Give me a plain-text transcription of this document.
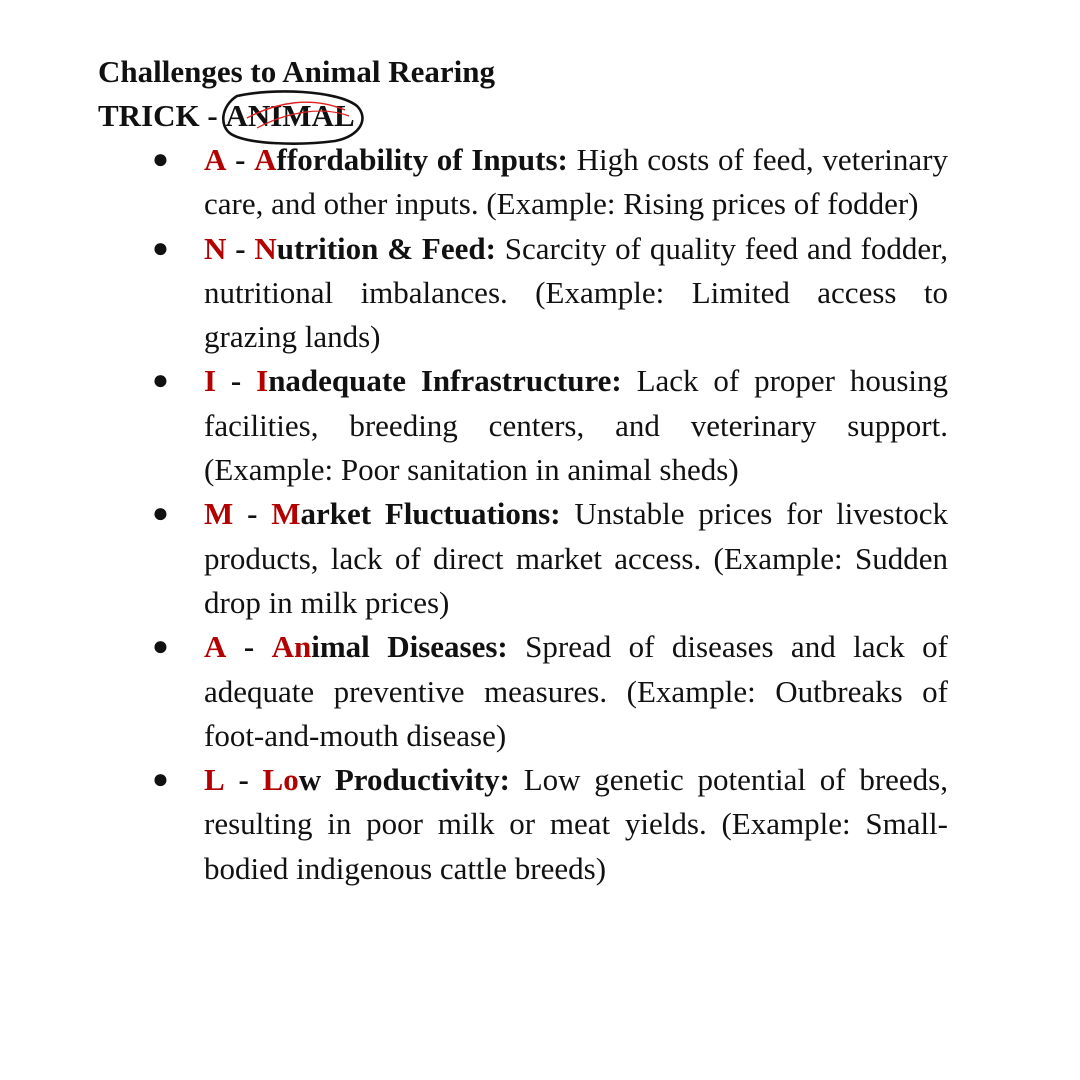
Challenges to Animal Rearing

TRICK - ANIMAL

● A - Affordability of Inputs: High costs of feed, veterinary care, and other inputs. (Example: Rising prices of fodder)
● N - Nutrition & Feed: Scarcity of quality feed and fodder, nutritional imbalances. (Example: Limited access to grazing lands)
● I - Inadequate Infrastructure: Lack of proper housing facilities, breeding centers, and veterinary support.(Example: Poor sanitation in animal sheds)
● M - Market Fluctuations: Unstable prices for livestock products, lack of direct market access. (Example: Sudden drop in milk prices)
● A - Animal Diseases: Spread of diseases and lack of adequate preventive measures. (Example: Outbreaks of foot-and-mouth disease)
● L - Low Productivity: Low genetic potential of breeds, resulting in poor milk or meat yields. (Example: Small-bodied indigenous cattle breeds)
